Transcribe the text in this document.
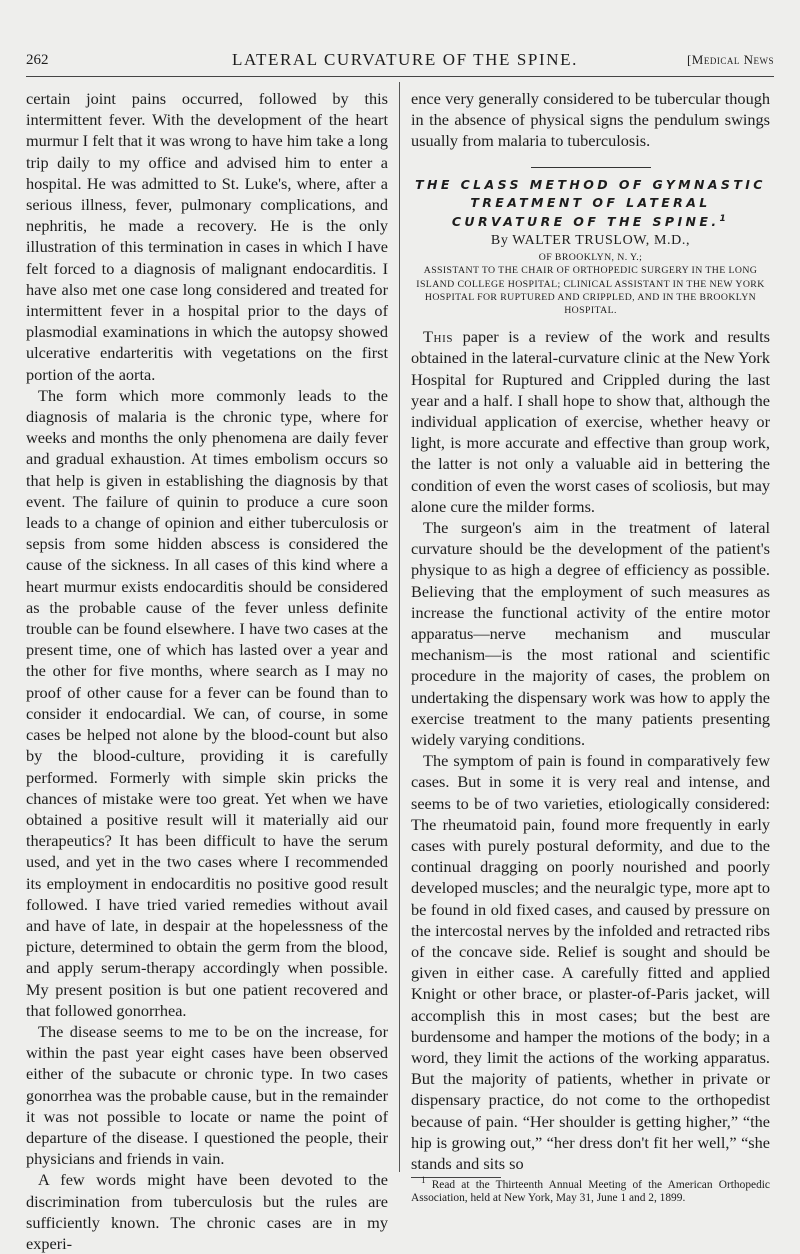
262	LATERAL CURVATURE OF THE SPINE.	[Medical News

certain joint pains occurred, followed by this intermittent fever. With the development of the heart murmur I felt that it was wrong to have him take a long trip daily to my office and advised him to enter a hospital. He was admitted to St. Luke's, where, after a serious illness, fever, pulmonary complications, and nephritis, he made a recovery. He is the only illustration of this termination in cases in which I have felt forced to a diagnosis of malignant endocarditis. I have also met one case long considered and treated for intermittent fever in a hospital prior to the days of plasmodial examinations in which the autopsy showed ulcerative endarteritis with vegetations on the first portion of the aorta.

The form which more commonly leads to the diagnosis of malaria is the chronic type, where for weeks and months the only phenomena are daily fever and gradual exhaustion. At times embolism occurs so that help is given in establishing the diagnosis by that event. The failure of quinin to produce a cure soon leads to a change of opinion and either tuberculosis or sepsis from some hidden abscess is considered the cause of the sickness. In all cases of this kind where a heart murmur exists endocarditis should be considered as the probable cause of the fever unless definite trouble can be found elsewhere. I have two cases at the present time, one of which has lasted over a year and the other for five months, where search as I may no proof of other cause for a fever can be found than to consider it endocardial. We can, of course, in some cases be helped not alone by the blood-count but also by the blood-culture, providing it is carefully performed. Formerly with simple skin pricks the chances of mistake were too great. Yet when we have obtained a positive result will it materially aid our therapeutics? It has been difficult to have the serum used, and yet in the two cases where I recommended its employment in endocarditis no positive good result followed. I have tried varied remedies without avail and have of late, in despair at the hopelessness of the picture, determined to obtain the germ from the blood, and apply serum-therapy accordingly when possible. My present position is but one patient recovered and that followed gonorrhea.

The disease seems to me to be on the increase, for within the past year eight cases have been observed either of the subacute or chronic type. In two cases gonorrhea was the probable cause, but in the remainder it was not possible to locate or name the point of departure of the disease. I questioned the people, their physicians and friends in vain.

A few words might have been devoted to the discrimination from tuberculosis but the rules are sufficiently known. The chronic cases are in my experi-

ence very generally considered to be tubercular though in the absence of physical signs the pendulum swings usually from malaria to tuberculosis.

THE CLASS METHOD OF GYMNASTIC TREATMENT OF LATERAL CURVATURE OF THE SPINE.$^1$
By WALTER TRUSLOW, M.D.,
OF BROOKLYN, N. Y.;
ASSISTANT TO THE CHAIR OF ORTHOPEDIC SURGERY IN THE LONG ISLAND COLLEGE HOSPITAL; CLINICAL ASSISTANT IN THE NEW YORK HOSPITAL FOR RUPTURED AND CRIPPLED, AND IN THE BROOKLYN HOSPITAL.

This paper is a review of the work and results obtained in the lateral-curvature clinic at the New York Hospital for Ruptured and Crippled during the last year and a half. I shall hope to show that, although the individual application of exercise, whether heavy or light, is more accurate and effective than group work, the latter is not only a valuable aid in bettering the condition of even the worst cases of scoliosis, but may alone cure the milder forms.

The surgeon's aim in the treatment of lateral curvature should be the development of the patient's physique to as high a degree of efficiency as possible. Believing that the employment of such measures as increase the functional activity of the entire motor apparatus—nerve mechanism and muscular mechanism—is the most rational and scientific procedure in the majority of cases, the problem on undertaking the dispensary work was how to apply the exercise treatment to the many patients presenting widely varying conditions.

The symptom of pain is found in comparatively few cases. But in some it is very real and intense, and seems to be of two varieties, etiologically considered: The rheumatoid pain, found more frequently in early cases with purely postural deformity, and due to the continual dragging on poorly nourished and poorly developed muscles; and the neuralgic type, more apt to be found in old fixed cases, and caused by pressure on the intercostal nerves by the infolded and retracted ribs of the concave side. Relief is sought and should be given in either case. A carefully fitted and applied Knight or other brace, or plaster-of-Paris jacket, will accomplish this in most cases; but the best are burdensome and hamper the motions of the body; in a word, they limit the actions of the working apparatus. But the majority of patients, whether in private or dispensary practice, do not come to the orthopedist because of pain. “Her shoulder is getting higher,” “the hip is growing out,” “her dress don't fit her well,” “she stands and sits so

$^1$ Read at the Thirteenth Annual Meeting of the American Orthopedic Association, held at New York, May 31, June 1 and 2, 1899.
